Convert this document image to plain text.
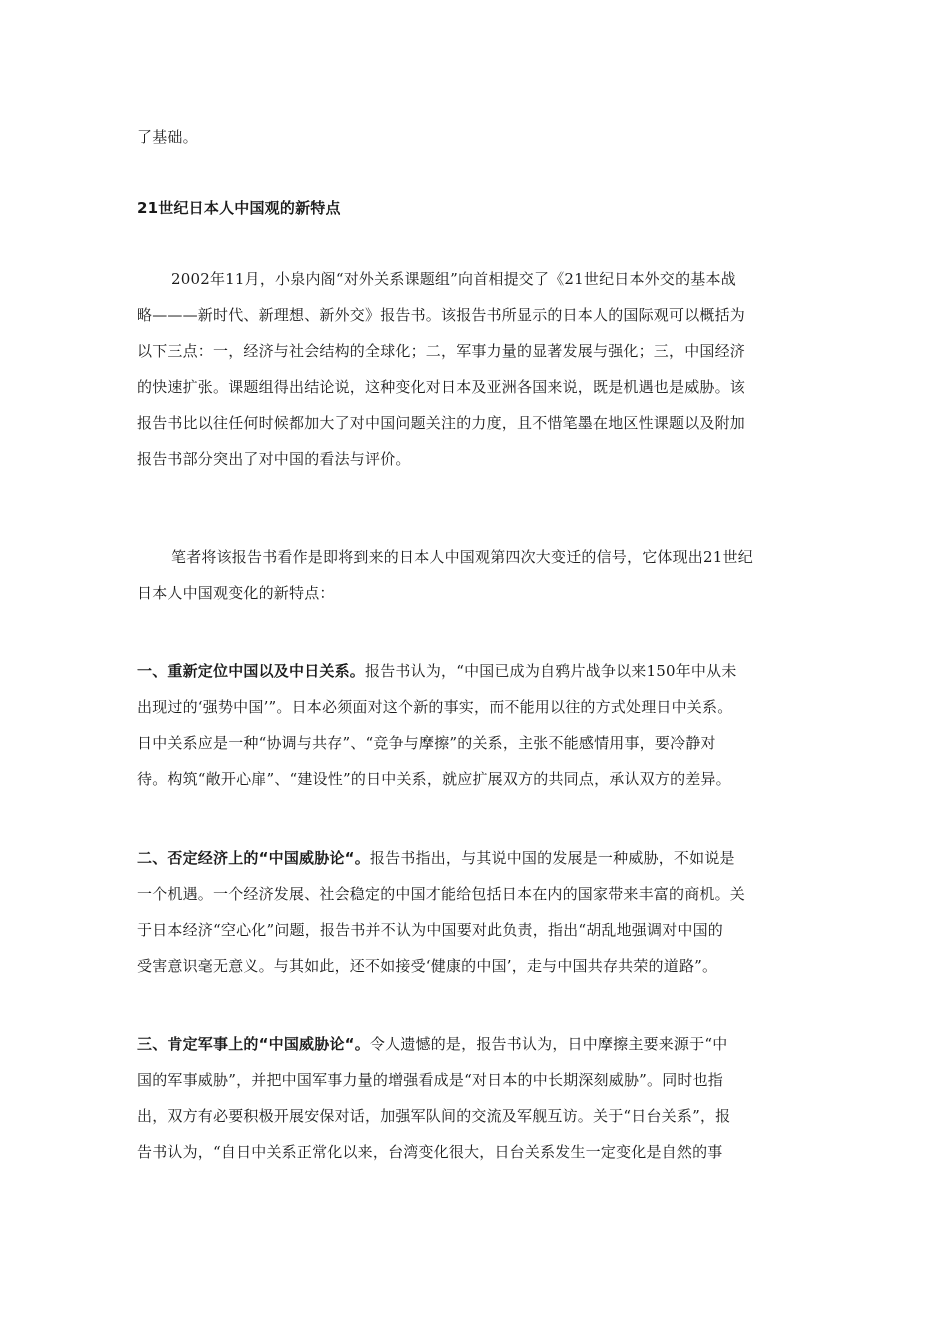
了基础。
21世纪日本人中国观的新特点
2002年11月，小泉内阁“对外关系课题组”向首相提交了《21世纪日本外交的基本战
略———新时代、新理想、新外交》报告书。该报告书所显示的日本人的国际观可以概括为
以下三点：一，经济与社会结构的全球化；二，军事力量的显著发展与强化；三，中国经济
的快速扩张。课题组得出结论说，这种变化对日本及亚洲各国来说，既是机遇也是威胁。该
报告书比以往任何时候都加大了对中国问题关注的力度，且不惜笔墨在地区性课题以及附加
报告书部分突出了对中国的看法与评价。
笔者将该报告书看作是即将到来的日本人中国观第四次大变迁的信号，它体现出21世纪
日本人中国观变化的新特点：
一、重新定位中国以及中日关系。报告书认为，“中国已成为自鸦片战争以来150年中从未
出现过的‘强势中国’”。日本必须面对这个新的事实，而不能用以往的方式处理日中关系。
日中关系应是一种“协调与共存”、“竞争与摩擦”的关系，主张不能感情用事，要冷静对
待。构筑“敞开心扉”、“建设性”的日中关系，就应扩展双方的共同点，承认双方的差异。
二、否定经济上的“中国威胁论“。报告书指出，与其说中国的发展是一种威胁，不如说是
一个机遇。一个经济发展、社会稳定的中国才能给包括日本在内的国家带来丰富的商机。关
于日本经济“空心化”问题，报告书并不认为中国要对此负责，指出“胡乱地强调对中国的
受害意识毫无意义。与其如此，还不如接受‘健康的中国’，走与中国共存共荣的道路”。
三、肯定军事上的“中国威胁论“。令人遗憾的是，报告书认为，日中摩擦主要来源于“中
国的军事威胁”，并把中国军事力量的增强看成是“对日本的中长期深刻威胁”。同时也指
出，双方有必要积极开展安保对话，加强军队间的交流及军舰互访。关于“日台关系”，报
告书认为，“自日中关系正常化以来，台湾变化很大，日台关系发生一定变化是自然的事
